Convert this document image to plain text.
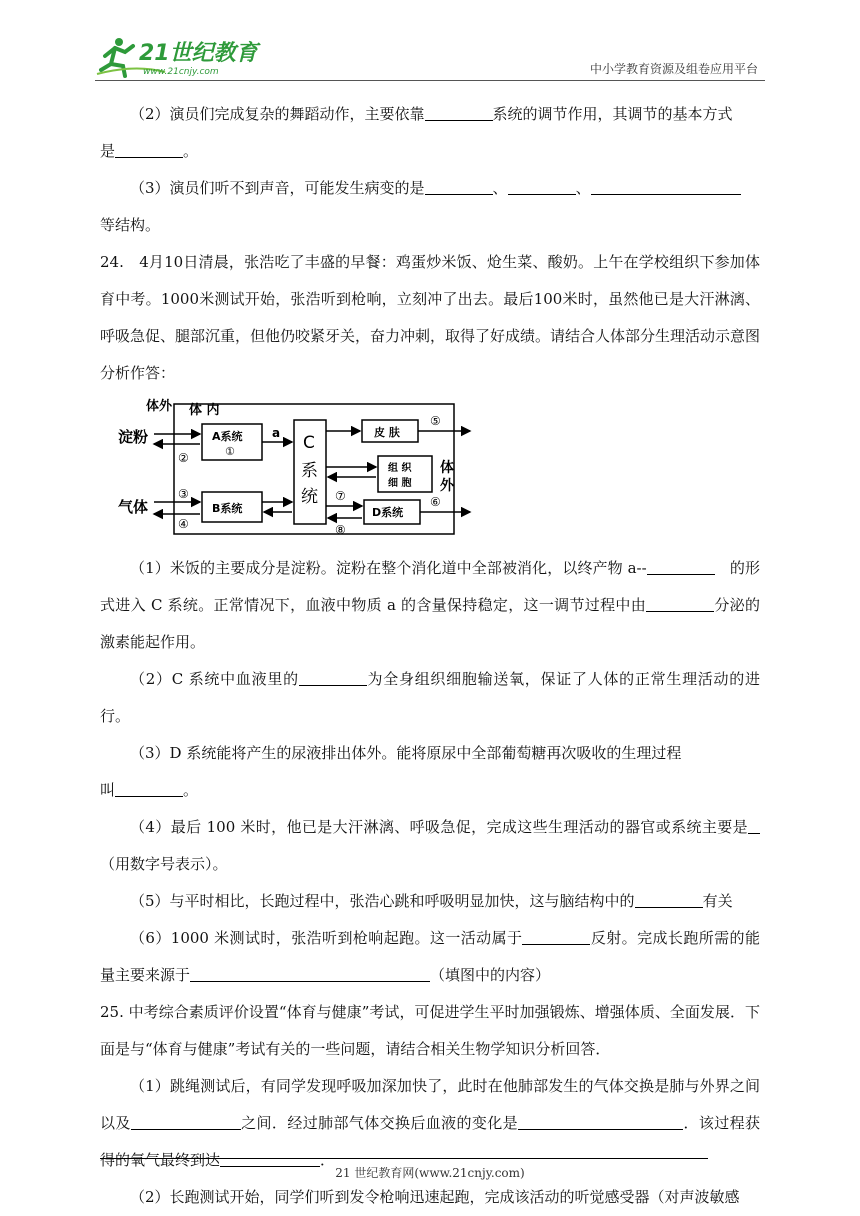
21世纪教育
www.21cnjy.com	中小学教育资源及组卷应用平台

（2）演员们完成复杂的舞蹈动作，主要依靠	系统的调节作用，其调节的基本方式

是	。

（3）演员们听不到声音，可能发生病变的是	、	、

等结构。

24.　4月10日清晨，张浩吃了丰盛的早餐：鸡蛋炒米饭、炝生菜、酸奶。上午在学校组织下参加体育中考。1000米测试开始，张浩听到枪响，立刻冲了出去。最后100米时，虽然他已是大汗淋漓、呼吸急促、腿部沉重，但他仍咬紧牙关，奋力冲刺，取得了好成绩。请结合人体部分生理活动示意图分析作答：

体外 体 内
淀粉
气体
A系统
①
②
a C
系
统
皮 肤
⑤
组 织
细 胞
体
外
B系统
③
④
D系统
⑦
⑧
⑥

（1）米饭的主要成分是淀粉。淀粉在整个消化道中全部被消化，以终产物 a--	　的形式进入 C 系统。正常情况下，血液中物质 a 的含量保持稳定，这一调节过程中由	分泌的激素能起作用。

（2）C 系统中血液里的	为全身组织细胞输送氧，保证了人体的正常生理活动的进行。

（3）D 系统能将产生的尿液排出体外。能将原尿中全部葡萄糖再次吸收的生理过程

叫	。

（4）最后 100 米时，他已是大汗淋漓、呼吸急促，完成这些生理活动的器官或系统主要是（用数字号表示）。

（5）与平时相比，长跑过程中，张浩心跳和呼吸明显加快，这与脑结构中的	有关

（6）1000 米测试时，张浩听到枪响起跑。这一活动属于	反射。完成长跑所需的能量主要来源于	（填图中的内容）

25. 中考综合素质评价设置“体育与健康”考试，可促进学生平时加强锻炼、增强体质、全面发展．下面是与“体育与健康”考试有关的一些问题，请结合相关生物学知识分析回答．

（1）跳绳测试后，有同学发现呼吸加深加快了，此时在他肺部发生的气体交换是肺与外界之间以及	之间．经过肺部气体交换后血液的变化是	．该过程获得的氧气最终到达	．

（2）长跑测试开始，同学们听到发令枪响迅速起跑，完成该活动的听觉感受器（对声波敏感

21 世纪教育网(www.21cnjy.com)
